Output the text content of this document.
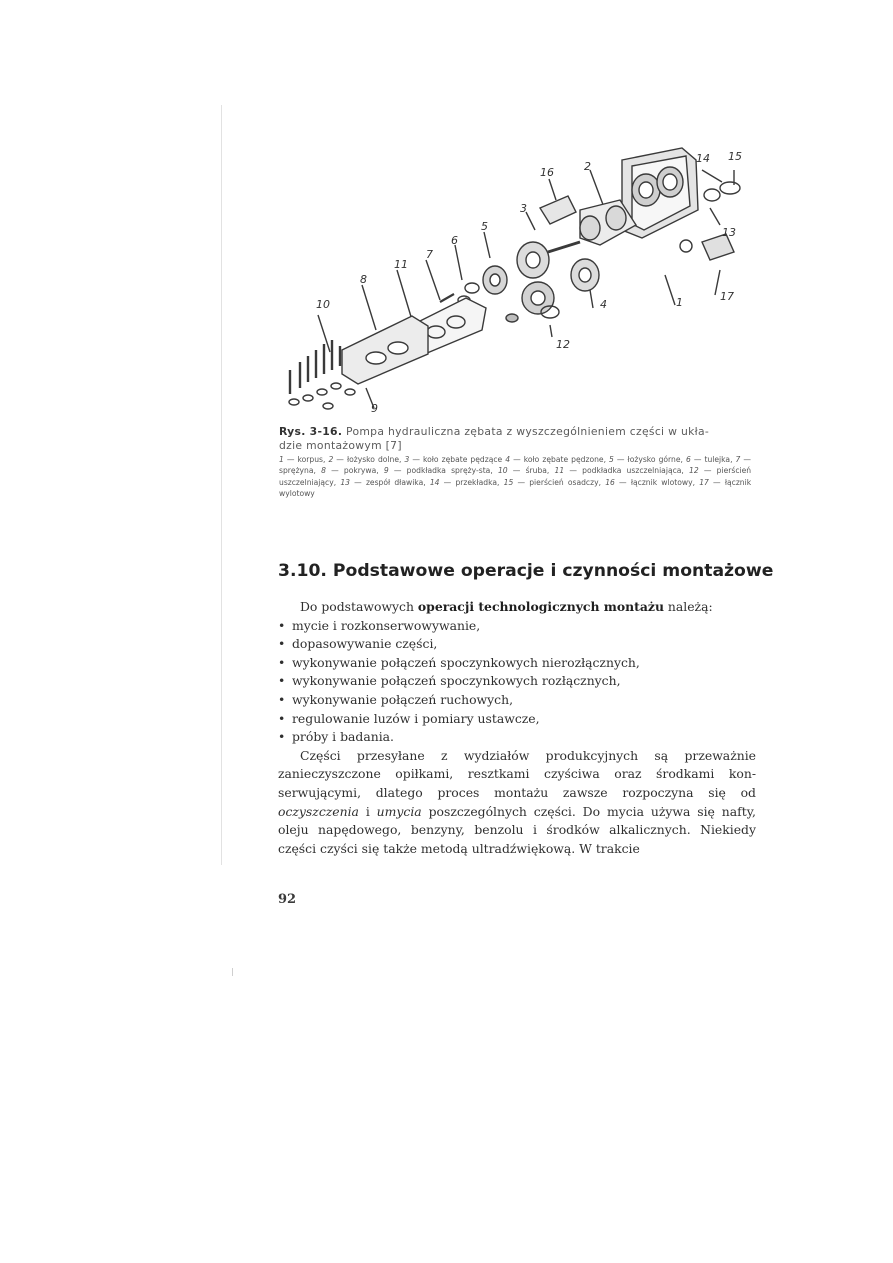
16	2
14 15
3
13
6
5
7
11
8
10	4	1	17
12
9
Rys. 3-16. Pompa hydrauliczna zębata z wyszczególnieniem części w ukła-
dzie montażowym [7]
1 — korpus, 2 — łożysko dolne, 3 — koło zębate pędzące 4 — koło zębate pędzone, 5 — łożysko górne, 6 — tulejka, 7 — sprężyna, 8 — pokrywa, 9 — podkładka spręży-sta, 10 — śruba, 11 — podkładka uszczelniająca, 12 — pierścień uszczelniający, 13 — zespół dławika, 14 — przekładka, 15 — pierścień osadczy, 16 — łącznik wlotowy, 17 — łącznik wylotowy
3.10. Podstawowe operacje i czynności montażowe
Do podstawowych operacji technologicznych montażu należą:
• mycie i rozkonserwowywanie,
• dopasowywanie części,
• wykonywanie połączeń spoczynkowych nierozłącznych,
• wykonywanie połączeń spoczynkowych rozłącznych,
• wykonywanie połączeń ruchowych,
• regulowanie luzów i pomiary ustawcze,
• próby i badania.

Części przesyłane z wydziałów produkcyjnych są przeważnie zanieczyszczone opiłkami, resztkami czyściwa oraz środkami kon-serwującymi, dlatego proces montażu zawsze rozpoczyna się od oczyszczenia i umycia poszczególnych części. Do mycia używa się nafty, oleju napędowego, benzyny, benzolu i środków alkalicznych. Niekiedy części czyści się także metodą ultradźwiękową. W trakcie

92
